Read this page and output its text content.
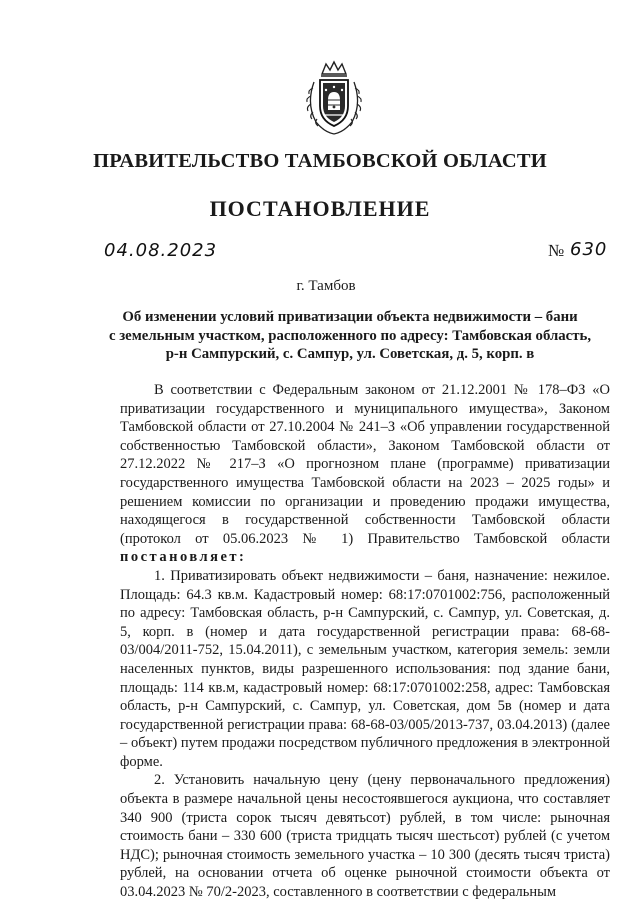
ПРАВИТЕЛЬСТВО ТАМБОВСКОЙ ОБЛАСТИ
ПОСТАНОВЛЕНИЕ
04.08.2023	№ 630
г. Тамбов
Об изменении условий приватизации объекта недвижимости – бани
с земельным участком, расположенного по адресу: Тамбовская область,
р-н Сампурский, с. Сампур, ул. Советская, д. 5, корп. в

В соответствии с Федеральным законом от 21.12.2001 № 178–ФЗ «О приватизации государственного и муниципального имущества», Законом Тамбовской области от 27.10.2004 № 241–З «Об управлении государственной собственностью Тамбовской области», Законом Тамбовской области от 27.12.2022 № 217–З «О прогнозном плане (программе) приватизации государственного имущества Тамбовской области на 2023 – 2025 годы» и решением комиссии по организации и проведению продажи имущества, находящегося в государственной собственности Тамбовской области (протокол от 05.06.2023 № 1) Правительство Тамбовской области постановляет:

1. Приватизировать объект недвижимости – баня, назначение: нежилое. Площадь: 64.3 кв.м. Кадастровый номер: 68:17:0701002:756, расположенный по адресу: Тамбовская область, р-н Сампурский, с. Сампур, ул. Советская, д. 5, корп. в (номер и дата государственной регистрации права: 68-68-03/004/2011-752, 15.04.2011), с земельным участком, категория земель: земли населенных пунктов, виды разрешенного использования: под здание бани, площадь: 114 кв.м, кадастровый номер: 68:17:0701002:258, адрес: Тамбовская область, р-н Сампурский, с. Сампур, ул. Советская, дом 5в (номер и дата государственной регистрации права: 68-68-03/005/2013-737, 03.04.2013) (далее – объект) путем продажи посредством публичного предложения в электронной форме.

2. Установить начальную цену (цену первоначального предложения) объекта в размере начальной цены несостоявшегося аукциона, что составляет 340 900 (триста сорок тысяч девятьсот) рублей, в том числе: рыночная стоимость бани – 330 600 (триста тридцать тысяч шестьсот) рублей (с учетом НДС); рыночная стоимость земельного участка – 10 300 (десять тысяч триста) рублей, на основании отчета об оценке рыночной стоимости объекта от 03.04.2023 № 70/2-2023, составленного в соответствии с федеральным
